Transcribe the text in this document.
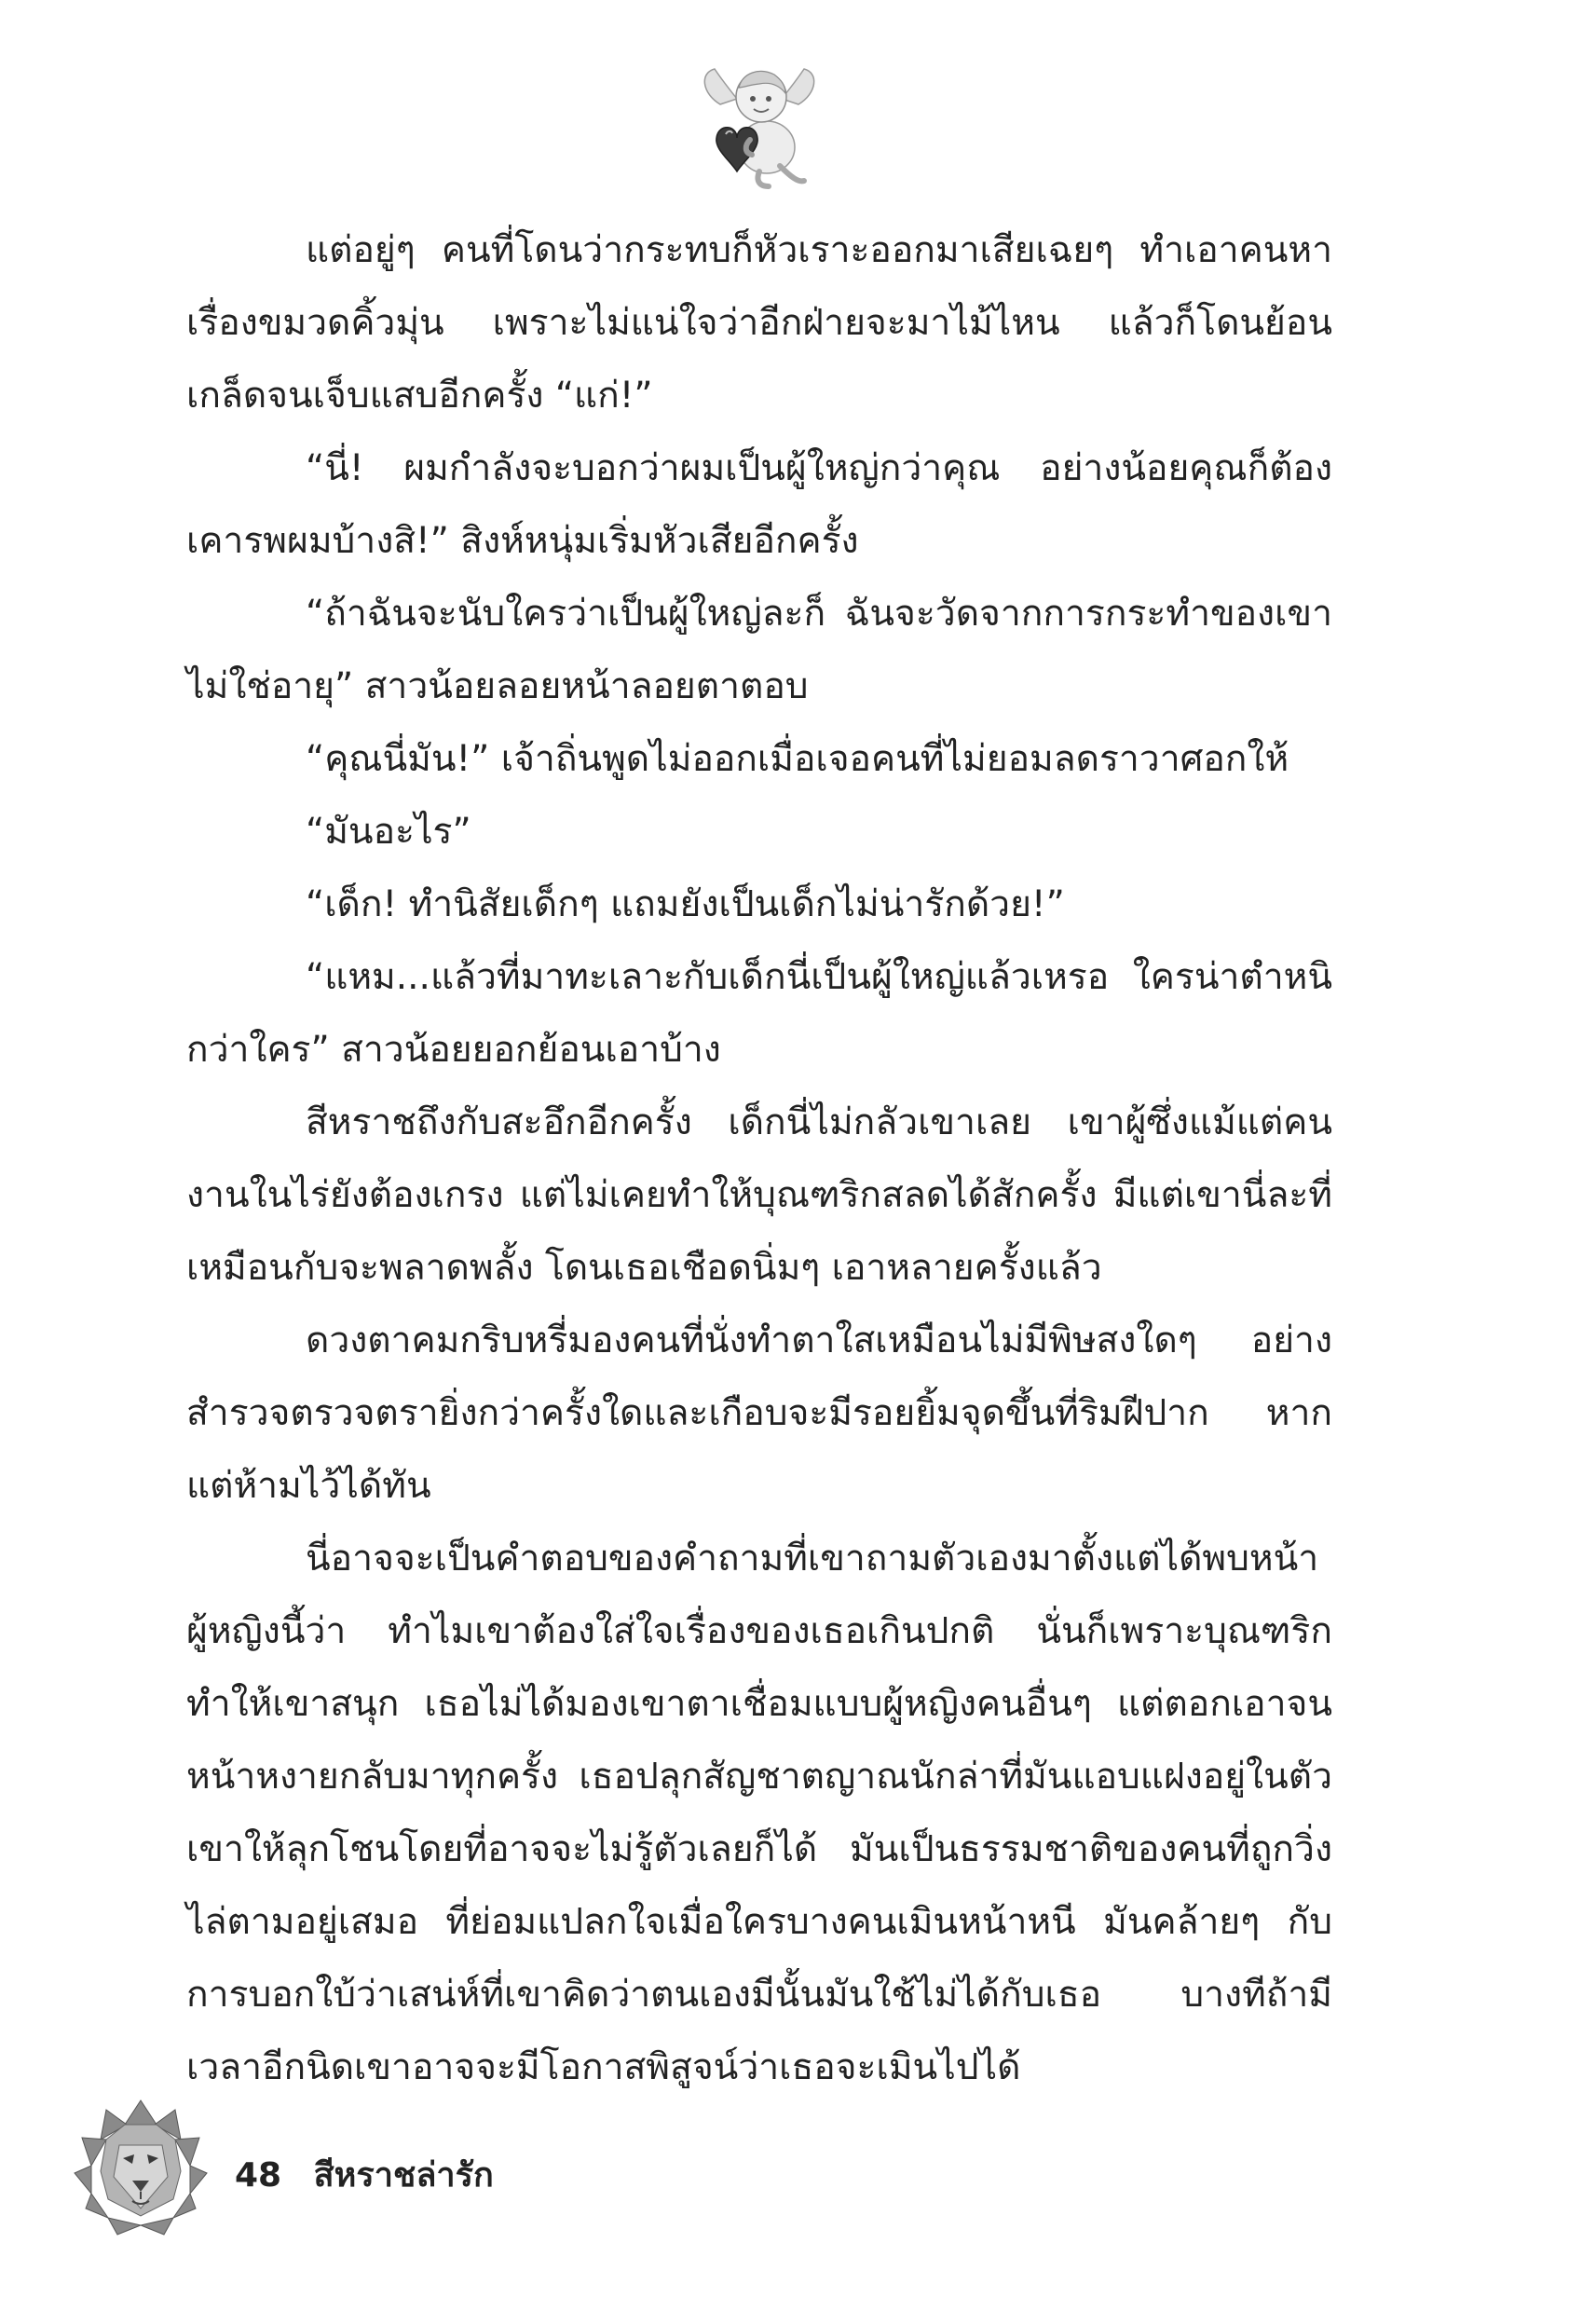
แต่อยู่ๆ คนที่โดนว่ากระทบก็หัวเราะออกมาเสียเฉยๆ ทำเอาคนหาเรื่องขมวดคิ้วมุ่น เพราะไม่แน่ใจว่าอีกฝ่ายจะมาไม้ไหน แล้วก็โดนย้อนเกล็ดจนเจ็บแสบอีกครั้ง “แก่!”

“นี่! ผมกำลังจะบอกว่าผมเป็นผู้ใหญ่กว่าคุณ อย่างน้อยคุณก็ต้องเคารพผมบ้างสิ!” สิงห์หนุ่มเริ่มหัวเสียอีกครั้ง

“ถ้าฉันจะนับใครว่าเป็นผู้ใหญ่ละก็ ฉันจะวัดจากการกระทำของเขา ไม่ใช่อายุ” สาวน้อยลอยหน้าลอยตาตอบ

“คุณนี่มัน!” เจ้าถิ่นพูดไม่ออกเมื่อเจอคนที่ไม่ยอมลดราวาศอกให้

“มันอะไร”

“เด็ก! ทำนิสัยเด็กๆ แถมยังเป็นเด็กไม่น่ารักด้วย!”

“แหม...แล้วที่มาทะเลาะกับเด็กนี่เป็นผู้ใหญ่แล้วเหรอ ใครน่าตำหนิกว่าใคร” สาวน้อยยอกย้อนเอาบ้าง

สีหราชถึงกับสะอึกอีกครั้ง เด็กนี่ไม่กลัวเขาเลย เขาผู้ซึ่งแม้แต่คนงานในไร่ยังต้องเกรง แต่ไม่เคยทำให้บุณฑริกสลดได้สักครั้ง มีแต่เขานี่ละที่เหมือนกับจะพลาดพลั้ง โดนเธอเชือดนิ่มๆ เอาหลายครั้งแล้ว

ดวงตาคมกริบหรี่มองคนที่นั่งทำตาใสเหมือนไม่มีพิษสงใดๆ อย่างสำรวจตรวจตรายิ่งกว่าครั้งใดและเกือบจะมีรอยยิ้มจุดขึ้นที่ริมฝีปาก หากแต่ห้ามไว้ได้ทัน

นี่อาจจะเป็นคำตอบของคำถามที่เขาถามตัวเองมาตั้งแต่ได้พบหน้าผู้หญิงนี้ว่า ทำไมเขาต้องใส่ใจเรื่องของเธอเกินปกติ นั่นก็เพราะบุณฑริกทำให้เขาสนุก เธอไม่ได้มองเขาตาเชื่อมแบบผู้หญิงคนอื่นๆ แต่ตอกเอาจนหน้าหงายกลับมาทุกครั้ง เธอปลุกสัญชาตญาณนักล่าที่มันแอบแฝงอยู่ในตัวเขาให้ลุกโชนโดยที่อาจจะไม่รู้ตัวเลยก็ได้ มันเป็นธรรมชาติของคนที่ถูกวิ่งไล่ตามอยู่เสมอ ที่ย่อมแปลกใจเมื่อใครบางคนเมินหน้าหนี มันคล้ายๆ กับการบอกใบ้ว่าเสน่ห์ที่เขาคิดว่าตนเองมีนั้นมันใช้ไม่ได้กับเธอ บางทีถ้ามีเวลาอีกนิดเขาอาจจะมีโอกาสพิสูจน์ว่าเธอจะเมินไปได้

48 สีหราชล่ารัก
